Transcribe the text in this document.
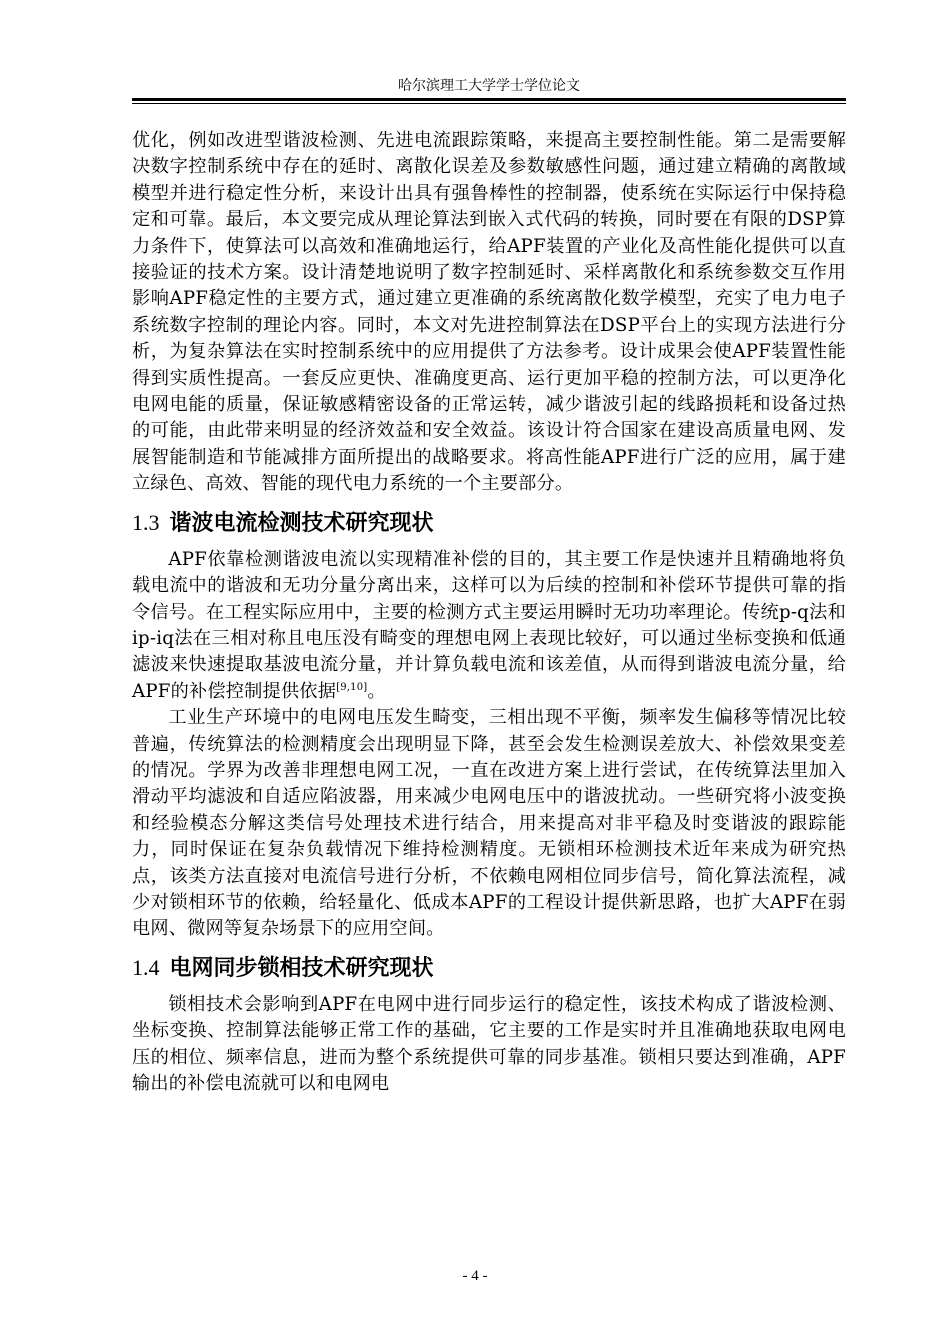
哈尔滨理工大学学士学位论文

优化，例如改进型谐波检测、先进电流跟踪策略，来提高主要控制性能。第二是需要解决数字控制系统中存在的延时、离散化误差及参数敏感性问题，通过建立精确的离散域模型并进行稳定性分析，来设计出具有强鲁棒性的控制器，使系统在实际运行中保持稳定和可靠。最后，本文要完成从理论算法到嵌入式代码的转换，同时要在有限的DSP算力条件下，使算法可以高效和准确地运行，给APF装置的产业化及高性能化提供可以直接验证的技术方案。设计清楚地说明了数字控制延时、采样离散化和系统参数交互作用影响APF稳定性的主要方式，通过建立更准确的系统离散化数学模型，充实了电力电子系统数字控制的理论内容。同时，本文对先进控制算法在DSP平台上的实现方法进行分析，为复杂算法在实时控制系统中的应用提供了方法参考。设计成果会使APF装置性能得到实质性提高。一套反应更快、准确度更高、运行更加平稳的控制方法，可以更净化电网电能的质量，保证敏感精密设备的正常运转，减少谐波引起的线路损耗和设备过热的可能，由此带来明显的经济效益和安全效益。该设计符合国家在建设高质量电网、发展智能制造和节能减排方面所提出的战略要求。将高性能APF进行广泛的应用，属于建立绿色、高效、智能的现代电力系统的一个主要部分。

1.3 谐波电流检测技术研究现状

APF依靠检测谐波电流以实现精准补偿的目的，其主要工作是快速并且精确地将负载电流中的谐波和无功分量分离出来，这样可以为后续的控制和补偿环节提供可靠的指令信号。在工程实际应用中，主要的检测方式主要运用瞬时无功功率理论。传统p-q法和ip-iq法在三相对称且电压没有畸变的理想电网上表现比较好，可以通过坐标变换和低通滤波来快速提取基波电流分量，并计算负载电流和该差值，从而得到谐波电流分量，给APF的补偿控制提供依据[9,10]。

工业生产环境中的电网电压发生畸变，三相出现不平衡，频率发生偏移等情况比较普遍，传统算法的检测精度会出现明显下降，甚至会发生检测误差放大、补偿效果变差的情况。学界为改善非理想电网工况，一直在改进方案上进行尝试，在传统算法里加入滑动平均滤波和自适应陷波器，用来减少电网电压中的谐波扰动。一些研究将小波变换和经验模态分解这类信号处理技术进行结合，用来提高对非平稳及时变谐波的跟踪能力，同时保证在复杂负载情况下维持检测精度。无锁相环检测技术近年来成为研究热点，该类方法直接对电流信号进行分析，不依赖电网相位同步信号，简化算法流程，减少对锁相环节的依赖，给轻量化、低成本APF的工程设计提供新思路，也扩大APF在弱电网、微网等复杂场景下的应用空间。

1.4 电网同步锁相技术研究现状

锁相技术会影响到APF在电网中进行同步运行的稳定性，该技术构成了谐波检测、坐标变换、控制算法能够正常工作的基础，它主要的工作是实时并且准确地获取电网电压的相位、频率信息，进而为整个系统提供可靠的同步基准。锁相只要达到准确，APF输出的补偿电流就可以和电网电

- 4 -
